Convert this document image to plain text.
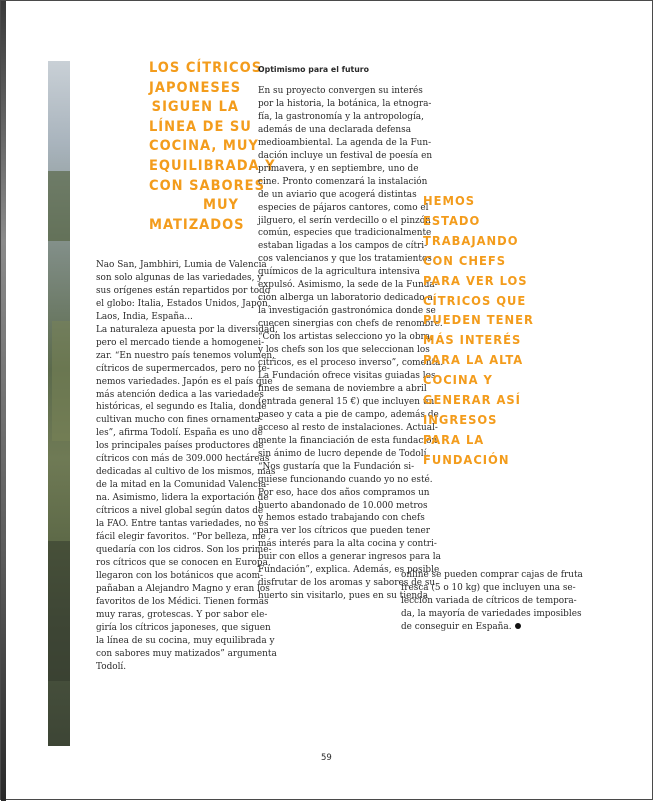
LOS CÍTRICOS
JAPONESES
SIGUEN LA
LÍNEA DE SU
COCINA, MUY
EQUILIBRADA Y
CON SABORES
MUY
MATIZADOS
Optimismo para el futuro
Nao San, Jambhiri, Lumia de Valencia
son solo algunas de las variedades, y
sus orígenes están repartidos por todo
el globo: Italia, Estados Unidos, Japón,
Laos, India, España...
La naturaleza apuesta por la diversidad,
pero el mercado tiende a homogenei-
zar. “En nuestro país tenemos volumen,
cítricos de supermercados, pero no te-
nemos variedades. Japón es el país que
más atención dedica a las variedades
históricas, el segundo es Italia, donde
cultivan mucho con fines ornamenta-
les”, afirma Todolí. España es uno de
los principales países productores de
cítricos con más de 309.000 hectáreas
dedicadas al cultivo de los mismos, más
de la mitad en la Comunidad Valencia-
na. Asimismo, lidera la exportación de
cítricos a nivel global según datos de
la FAO. Entre tantas variedades, no es
fácil elegir favoritos. “Por belleza, me
quedaría con los cidros. Son los prime-
ros cítricos que se conocen en Europa,
llegaron con los botánicos que acom-
pañaban a Alejandro Magno y eran los
favoritos de los Médici. Tienen formas
muy raras, grotescas. Y por sabor ele-
giría los cítricos japoneses, que siguen
la línea de su cocina, muy equilibrada y
con sabores muy matizados” argumenta
Todolí.
En su proyecto convergen su interés
por la historia, la botánica, la etnogra-
fía, la gastronomía y la antropología,
además de una declarada defensa
medioambiental. La agenda de la Fun-
dación incluye un festival de poesía en
primavera, y en septiembre, uno de
cine. Pronto comenzará la instalación
de un aviario que acogerá distintas
especies de pájaros cantores, como el
jilguero, el serín verdecillo o el pinzón
común, especies que tradicionalmente
estaban ligadas a los campos de cítri-
cos valencianos y que los tratamientos
químicos de la agricultura intensiva
expulsó. Asimismo, la sede de la Funda-
ción alberga un laboratorio dedicado a
la investigación gastronómica donde se
cuecen sinergias con chefs de renombre.
“Con los artistas selecciono yo la obra,
y los chefs son los que seleccionan los
cítricos, es el proceso inverso”, comenta.
La Fundación ofrece visitas guiadas los
fines de semana de noviembre a abril
(entrada general 15 €) que incluyen un
paseo y cata a pie de campo, además de
acceso al resto de instalaciones. Actual-
mente la financiación de esta fundación
sin ánimo de lucro depende de Todolí.
“Nos gustaría que la Fundación si-
guiese funcionando cuando yo no esté.
Por eso, hace dos años compramos un
huerto abandonado de 10.000 metros
y hemos estado trabajando con chefs
para ver los cítricos que pueden tener
más interés para la alta cocina y contri-
buir con ellos a generar ingresos para la
Fundación”, explica. Además, es posible
disfrutar de los aromas y sabores de su
huerto sin visitarlo, pues en su tienda
HEMOS
ESTADO
TRABAJANDO
CON CHEFS
PARA VER LOS
CÍTRICOS QUE
PUEDEN TENER
MÁS INTERÉS
PARA LA ALTA
COCINA Y
GENERAR ASÍ
INGRESOS
PARA LA
FUNDACIÓN
online se pueden comprar cajas de fruta
fresca (5 o 10 kg) que incluyen una se-
lección variada de cítricos de tempora-
da, la mayoría de variedades imposibles
de conseguir en España.
59
